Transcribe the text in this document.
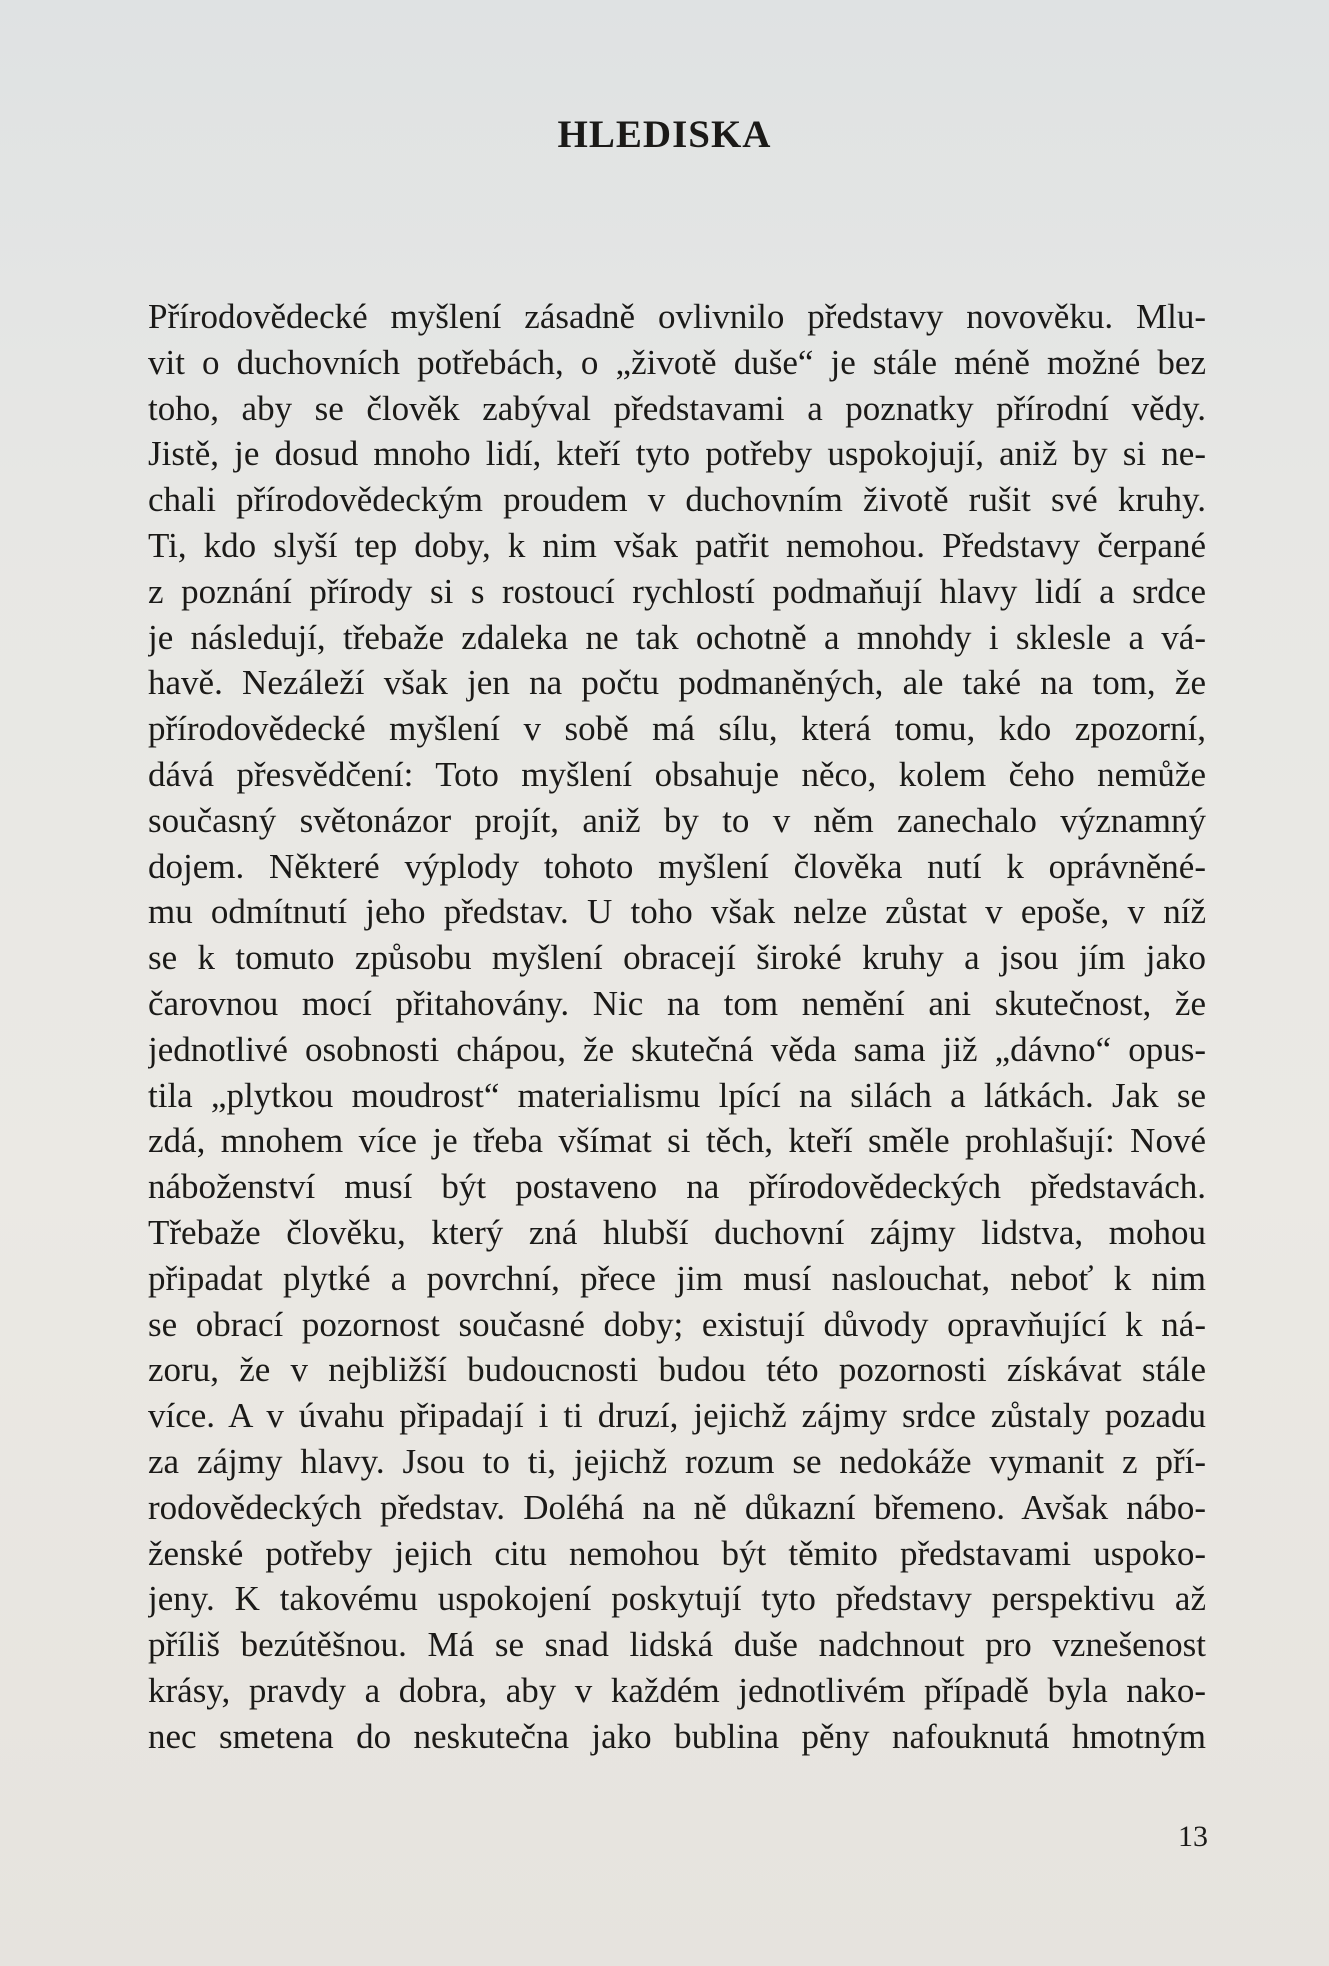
HLEDISKA
Přírodovědecké myšlení zásadně ovlivnilo představy novověku. Mlu-
vit o duchovních potřebách, o „životě duše“ je stále méně možné bez
toho, aby se člověk zabýval představami a poznatky přírodní vědy.
Jistě, je dosud mnoho lidí, kteří tyto potřeby uspokojují, aniž by si ne-
chali přírodovědeckým proudem v duchovním životě rušit své kruhy.
Ti, kdo slyší tep doby, k nim však patřit nemohou. Představy čerpané
z poznání přírody si s rostoucí rychlostí podmaňují hlavy lidí a srdce
je následují, třebaže zdaleka ne tak ochotně a mnohdy i sklesle a vá-
havě. Nezáleží však jen na počtu podmaněných, ale také na tom, že
přírodovědecké myšlení v sobě má sílu, která tomu, kdo zpozorní,
dává přesvědčení: Toto myšlení obsahuje něco, kolem čeho nemůže
současný světonázor projít, aniž by to v něm zanechalo významný
dojem. Některé výplody tohoto myšlení člověka nutí k oprávněné-
mu odmítnutí jeho představ. U toho však nelze zůstat v epoše, v níž
se k tomuto způsobu myšlení obracejí široké kruhy a jsou jím jako
čarovnou mocí přitahovány. Nic na tom nemění ani skutečnost, že
jednotlivé osobnosti chápou, že skutečná věda sama již „dávno“ opus-
tila „plytkou moudrost“ materialismu lpící na silách a látkách. Jak se
zdá, mnohem více je třeba všímat si těch, kteří směle prohlašují: Nové
náboženství musí být postaveno na přírodovědeckých představách.
Třebaže člověku, který zná hlubší duchovní zájmy lidstva, mohou
připadat plytké a povrchní, přece jim musí naslouchat, neboť k nim
se obrací pozornost současné doby; existují důvody opravňující k ná-
zoru, že v nejbližší budoucnosti budou této pozornosti získávat stále
více. A v úvahu připadají i ti druzí, jejichž zájmy srdce zůstaly pozadu
za zájmy hlavy. Jsou to ti, jejichž rozum se nedokáže vymanit z pří-
rodovědeckých představ. Doléhá na ně důkazní břemeno. Avšak nábo-
ženské potřeby jejich citu nemohou být těmito představami uspoko-
jeny. K takovému uspokojení poskytují tyto představy perspektivu až
příliš bezútěšnou. Má se snad lidská duše nadchnout pro vznešenost
krásy, pravdy a dobra, aby v každém jednotlivém případě byla nako-
nec smetena do neskutečna jako bublina pěny nafouknutá hmotným
13
